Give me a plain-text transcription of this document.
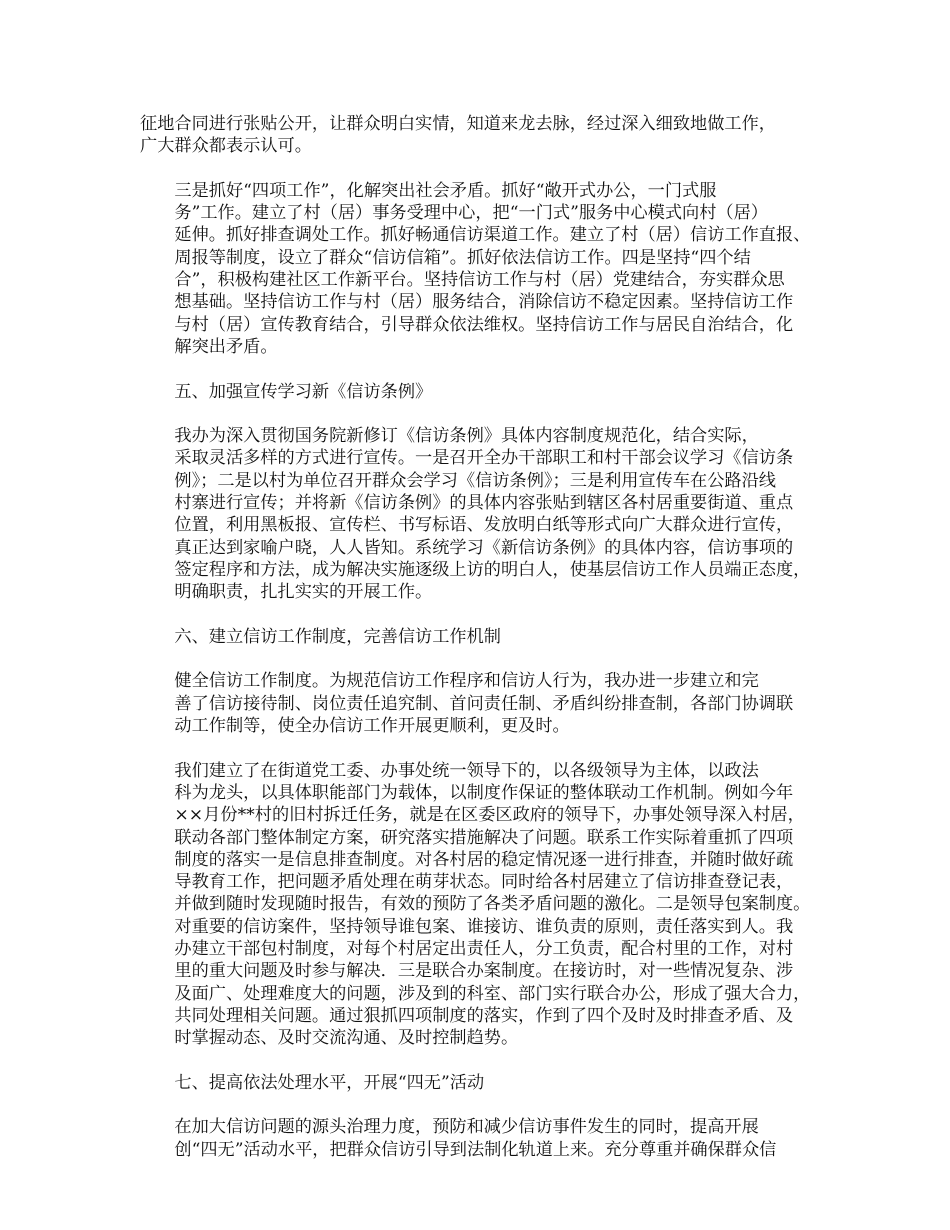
征地合同进行张贴公开，让群众明白实情，知道来龙去脉，经过深入细致地做工作，
广大群众都表示认可。
三是抓好“四项工作”，化解突出社会矛盾。抓好“敞开式办公，一门式服
务”工作。建立了村（居）事务受理中心，把“一门式”服务中心模式向村（居）
延伸。抓好排查调处工作。抓好畅通信访渠道工作。建立了村（居）信访工作直报、
周报等制度，设立了群众“信访信箱”。抓好依法信访工作。四是坚持“四个结
合”，积极构建社区工作新平台。坚持信访工作与村（居）党建结合，夯实群众思
想基础。坚持信访工作与村（居）服务结合，消除信访不稳定因素。坚持信访工作
与村（居）宣传教育结合，引导群众依法维权。坚持信访工作与居民自治结合，化
解突出矛盾。
五、加强宣传学习新《信访条例》
我办为深入贯彻国务院新修订《信访条例》具体内容制度规范化，结合实际，
采取灵活多样的方式进行宣传。一是召开全办干部职工和村干部会议学习《信访条
例》；二是以村为单位召开群众会学习《信访条例》；三是利用宣传车在公路沿线
村寨进行宣传；并将新《信访条例》的具体内容张贴到辖区各村居重要街道、重点
位置，利用黑板报、宣传栏、书写标语、发放明白纸等形式向广大群众进行宣传，
真正达到家喻户晓，人人皆知。系统学习《新信访条例》的具体内容，信访事项的
签定程序和方法，成为解决实施逐级上访的明白人，使基层信访工作人员端正态度，
明确职责，扎扎实实的开展工作。
六、建立信访工作制度，完善信访工作机制
健全信访工作制度。为规范信访工作程序和信访人行为，我办进一步建立和完
善了信访接待制、岗位责任追究制、首问责任制、矛盾纠纷排查制，各部门协调联
动工作制等，使全办信访工作开展更顺利，更及时。
我们建立了在街道党工委、办事处统一领导下的，以各级领导为主体，以政法
科为龙头，以具体职能部门为载体，以制度作保证的整体联动工作机制。例如今年
××月份**村的旧村拆迁任务，就是在区委区政府的领导下，办事处领导深入村居，
联动各部门整体制定方案，研究落实措施解决了问题。联系工作实际着重抓了四项
制度的落实一是信息排查制度。对各村居的稳定情况逐一进行排查，并随时做好疏
导教育工作，把问题矛盾处理在萌芽状态。同时给各村居建立了信访排查登记表，
并做到随时发现随时报告，有效的预防了各类矛盾问题的激化。二是领导包案制度。
对重要的信访案件，坚持领导谁包案、谁接访、谁负责的原则，责任落实到人。我
办建立干部包村制度，对每个村居定出责任人，分工负责，配合村里的工作，对村
里的重大问题及时参与解决．三是联合办案制度。在接访时，对一些情况复杂、涉
及面广、处理难度大的问题，涉及到的科室、部门实行联合办公，形成了强大合力，
共同处理相关问题。通过狠抓四项制度的落实，作到了四个及时及时排查矛盾、及
时掌握动态、及时交流沟通、及时控制趋势。
七、提高依法处理水平，开展“四无”活动
在加大信访问题的源头治理力度，预防和减少信访事件发生的同时，提高开展
创“四无”活动水平，把群众信访引导到法制化轨道上来。充分尊重并确保群众信
